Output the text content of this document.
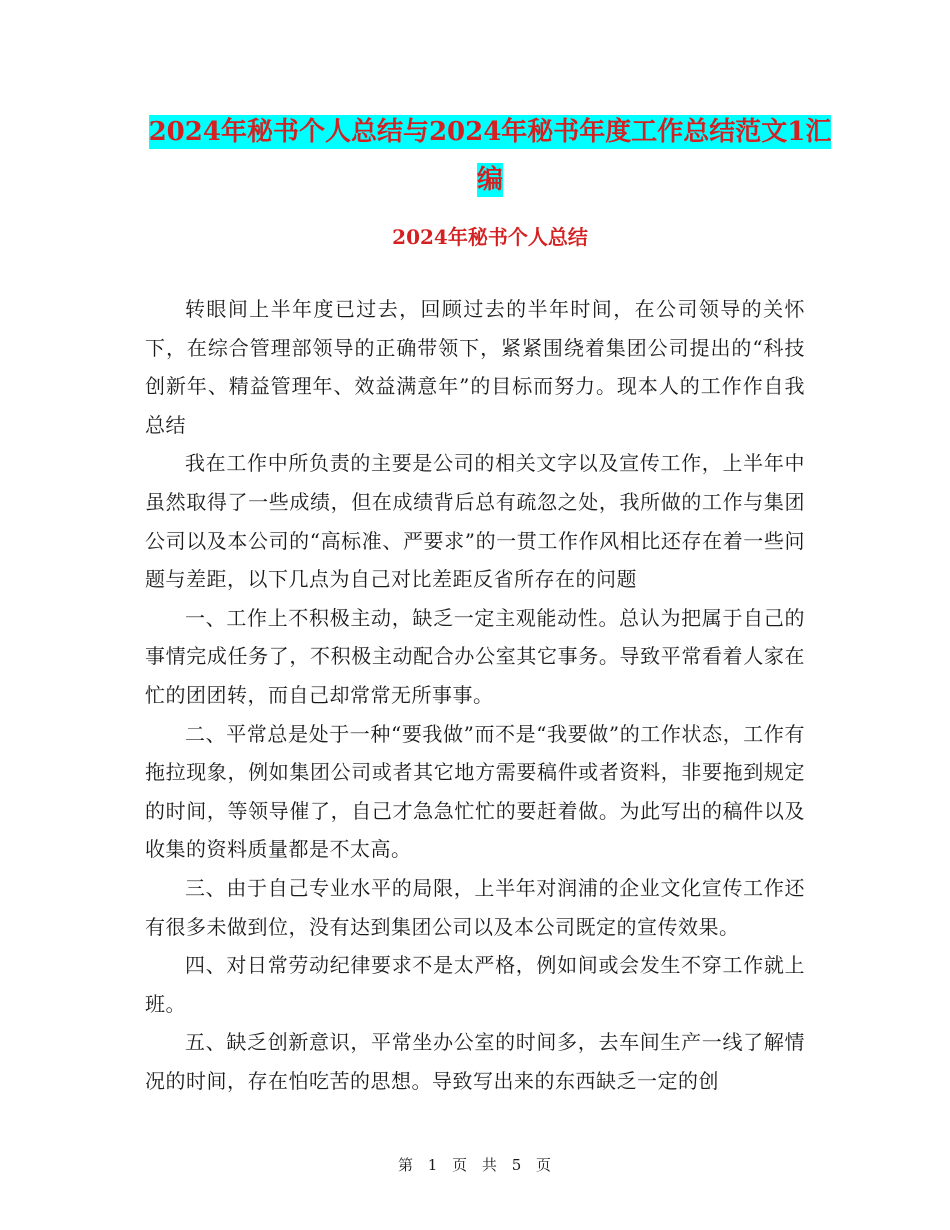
2024年秘书个人总结与2024年秘书年度工作总结范文1汇编
2024年秘书个人总结

转眼间上半年度已过去，回顾过去的半年时间，在公司领导的关怀下，在综合管理部领导的正确带领下，紧紧围绕着集团公司提出的“科技创新年、精益管理年、效益满意年”的目标而努力。现本人的工作作自我总结

我在工作中所负责的主要是公司的相关文字以及宣传工作，上半年中虽然取得了一些成绩，但在成绩背后总有疏忽之处，我所做的工作与集团公司以及本公司的“高标准、严要求”的一贯工作作风相比还存在着一些问题与差距，以下几点为自己对比差距反省所存在的问题

一、工作上不积极主动，缺乏一定主观能动性。总认为把属于自己的事情完成任务了，不积极主动配合办公室其它事务。导致平常看着人家在忙的团团转，而自己却常常无所事事。

二、平常总是处于一种“要我做”而不是“我要做”的工作状态，工作有拖拉现象，例如集团公司或者其它地方需要稿件或者资料，非要拖到规定的时间，等领导催了，自己才急急忙忙的要赶着做。为此写出的稿件以及收集的资料质量都是不太高。

三、由于自己专业水平的局限，上半年对润浦的企业文化宣传工作还有很多未做到位，没有达到集团公司以及本公司既定的宣传效果。

四、对日常劳动纪律要求不是太严格，例如间或会发生不穿工作就上班。

五、缺乏创新意识，平常坐办公室的时间多，去车间生产一线了解情况的时间，存在怕吃苦的思想。导致写出来的东西缺乏一定的创

第 1 页 共 5 页
